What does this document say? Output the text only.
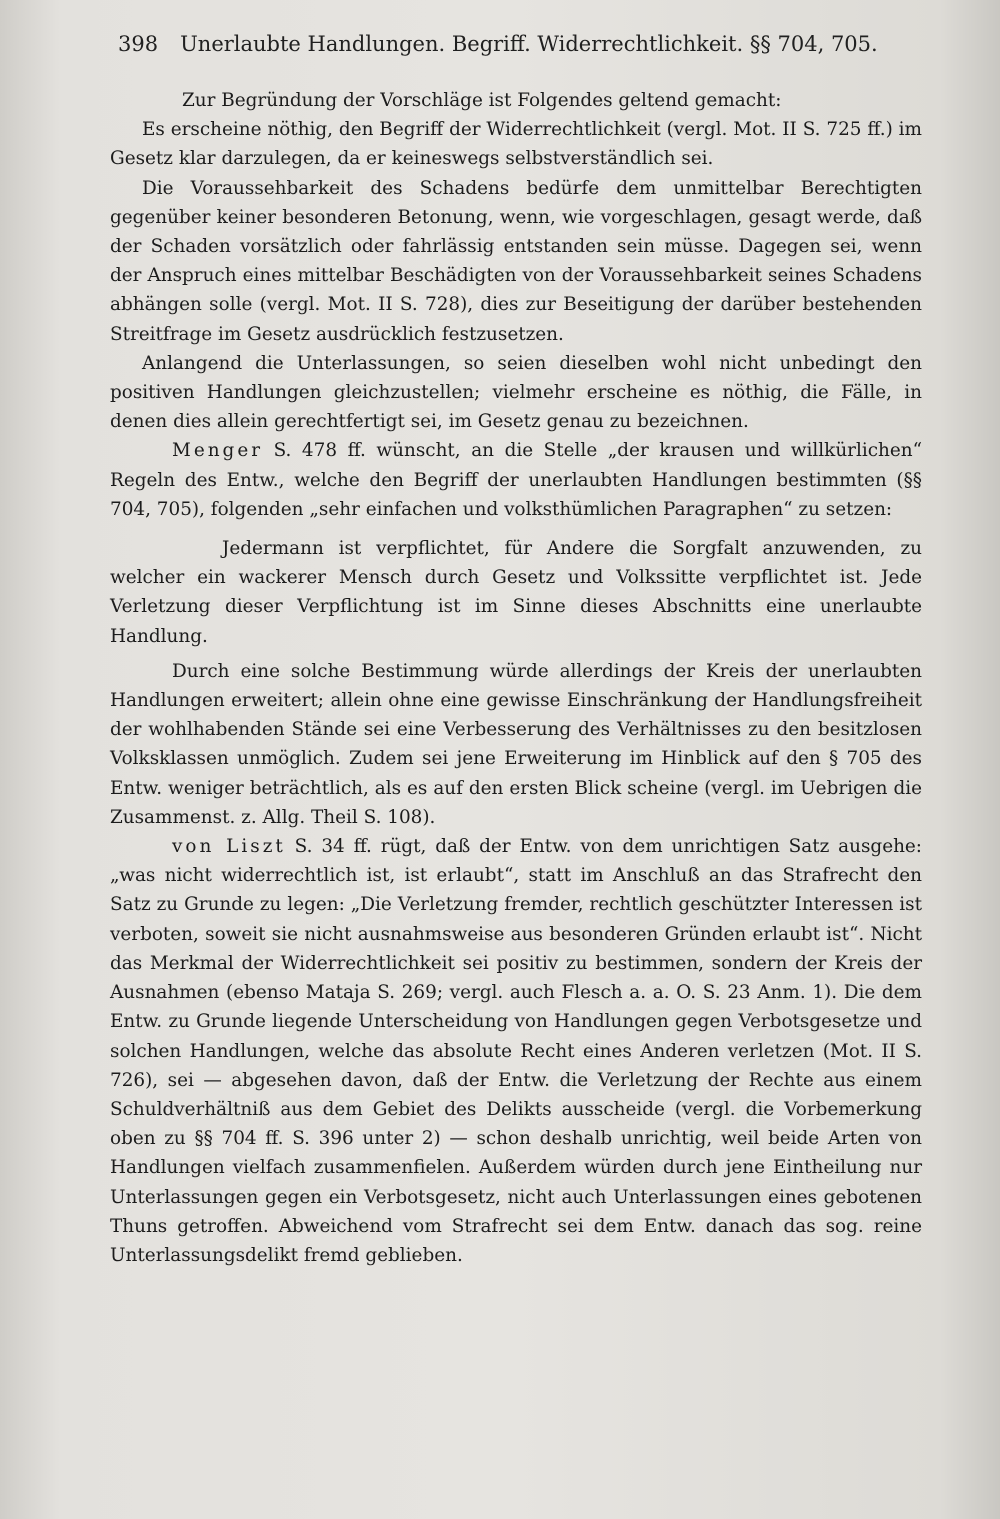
398 Unerlaubte Handlungen. Begriff. Widerrechtlichkeit. §§ 704, 705.

Zur Begründung der Vorschläge ist Folgendes geltend gemacht:

Es erscheine nöthig, den Begriff der Widerrechtlichkeit (vergl. Mot. II S. 725 ff.) im Gesetz klar darzulegen, da er keineswegs selbstverständlich sei.

Die Voraussehbarkeit des Schadens bedürfe dem unmittelbar Berechtigten gegenüber keiner besonderen Betonung, wenn, wie vorgeschlagen, gesagt werde, daß der Schaden vorsätzlich oder fahrlässig entstanden sein müsse. Dagegen sei, wenn der Anspruch eines mittelbar Beschädigten von der Voraussehbarkeit seines Schadens abhängen solle (vergl. Mot. II S. 728), dies zur Beseitigung der darüber bestehenden Streitfrage im Gesetz ausdrücklich festzusetzen.

Anlangend die Unterlassungen, so seien dieselben wohl nicht unbedingt den positiven Handlungen gleichzustellen; vielmehr erscheine es nöthig, die Fälle, in denen dies allein gerechtfertigt sei, im Gesetz genau zu bezeichnen.

Menger S. 478 ff. wünscht, an die Stelle „der krausen und willkürlichen“ Regeln des Entw., welche den Begriff der unerlaubten Handlungen bestimmten (§§ 704, 705), folgenden „sehr einfachen und volksthümlichen Paragraphen“ zu setzen:

Jedermann ist verpflichtet, für Andere die Sorgfalt anzuwenden, zu welcher ein wackerer Mensch durch Gesetz und Volkssitte verpflichtet ist. Jede Verletzung dieser Verpflichtung ist im Sinne dieses Abschnitts eine unerlaubte Handlung.

Durch eine solche Bestimmung würde allerdings der Kreis der unerlaubten Handlungen erweitert; allein ohne eine gewisse Einschränkung der Handlungsfreiheit der wohlhabenden Stände sei eine Verbesserung des Verhältnisses zu den besitzlosen Volksklassen unmöglich. Zudem sei jene Erweiterung im Hinblick auf den § 705 des Entw. weniger beträchtlich, als es auf den ersten Blick scheine (vergl. im Uebrigen die Zusammenst. z. Allg. Theil S. 108).

von Liszt S. 34 ff. rügt, daß der Entw. von dem unrichtigen Satz ausgehe: „was nicht widerrechtlich ist, ist erlaubt“, statt im Anschluß an das Strafrecht den Satz zu Grunde zu legen: „Die Verletzung fremder, rechtlich geschützter Interessen ist verboten, soweit sie nicht ausnahmsweise aus besonderen Gründen erlaubt ist“. Nicht das Merkmal der Widerrechtlichkeit sei positiv zu bestimmen, sondern der Kreis der Ausnahmen (ebenso Mataja S. 269; vergl. auch Flesch a. a. O. S. 23 Anm. 1). Die dem Entw. zu Grunde liegende Unterscheidung von Handlungen gegen Verbotsgesetze und solchen Handlungen, welche das absolute Recht eines Anderen verletzen (Mot. II S. 726), sei — abgesehen davon, daß der Entw. die Verletzung der Rechte aus einem Schuldverhältniß aus dem Gebiet des Delikts ausscheide (vergl. die Vorbemerkung oben zu §§ 704 ff. S. 396 unter 2) — schon deshalb unrichtig, weil beide Arten von Handlungen vielfach zusammenfielen. Außerdem würden durch jene Eintheilung nur Unterlassungen gegen ein Verbotsgesetz, nicht auch Unterlassungen eines gebotenen Thuns getroffen. Abweichend vom Strafrecht sei dem Entw. danach das sog. reine Unterlassungsdelikt fremd geblieben.
